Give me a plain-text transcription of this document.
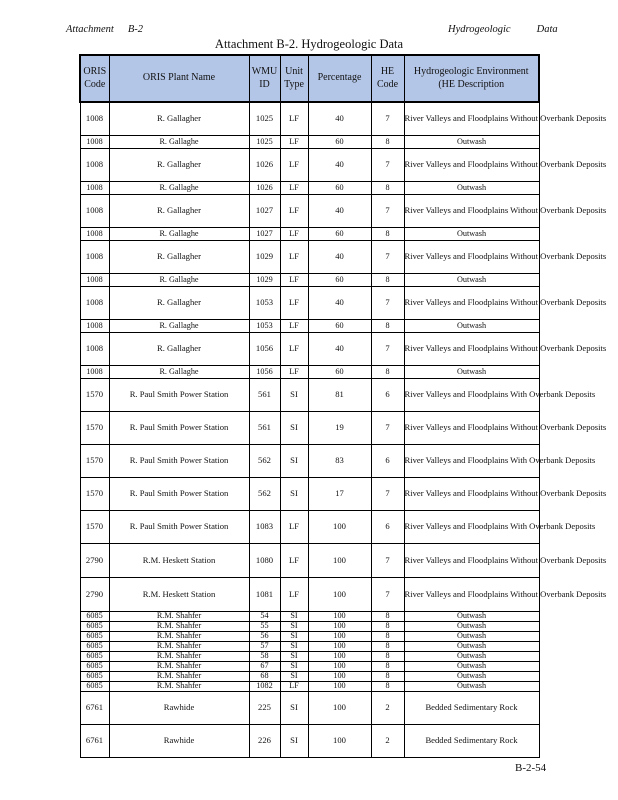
Attachment B-2	Hydrogeologic Data
Attachment B-2. Hydrogeologic Data
ORIS Code	ORIS Plant Name	WMU ID	Unit Type	Percentage	HE Code	Hydrogeologic Environment (HE Description
1008	R. Gallagher	1025	LF	40	7	River Valleys and Floodplains Without Overbank Deposits
1008	R. Gallaghe	1025	LF	60	8	Outwash
1008	R. Gallagher	1026	LF	40	7	River Valleys and Floodplains Without Overbank Deposits
1008	R. Gallaghe	1026	LF	60	8	Outwash
1008	R. Gallagher	1027	LF	40	7	River Valleys and Floodplains Without Overbank Deposits
1008	R. Gallaghe	1027	LF	60	8	Outwash
1008	R. Gallagher	1029	LF	40	7	River Valleys and Floodplains Without Overbank Deposits
1008	R. Gallaghe	1029	LF	60	8	Outwash
1008	R. Gallagher	1053	LF	40	7	River Valleys and Floodplains Without Overbank Deposits
1008	R. Gallaghe	1053	LF	60	8	Outwash
1008	R. Gallagher	1056	LF	40	7	River Valleys and Floodplains Without Overbank Deposits
1008	R. Gallaghe	1056	LF	60	8	Outwash
1570	R. Paul Smith Power Station	561	SI	81	6	River Valleys and Floodplains With Overbank Deposits
1570	R. Paul Smith Power Station	561	SI	19	7	River Valleys and Floodplains Without Overbank Deposits
1570	R. Paul Smith Power Station	562	SI	83	6	River Valleys and Floodplains With Overbank Deposits
1570	R. Paul Smith Power Station	562	SI	17	7	River Valleys and Floodplains Without Overbank Deposits
1570	R. Paul Smith Power Station	1083	LF	100	6	River Valleys and Floodplains With Overbank Deposits
2790	R.M. Heskett Station	1080	LF	100	7	River Valleys and Floodplains Without Overbank Deposits
2790	R.M. Heskett Station	1081	LF	100	7	River Valleys and Floodplains Without Overbank Deposits
6085	R.M. Shahfer	54	SI	100	8	Outwash
6085	R.M. Shahfer	55	SI	100	8	Outwash
6085	R.M. Shahfer	56	SI	100	8	Outwash
6085	R.M. Shahfer	57	SI	100	8	Outwash
6085	R.M. Shahfer	58	SI	100	8	Outwash
6085	R.M. Shahfer	67	SI	100	8	Outwash
6085	R.M. Shahfer	68	SI	100	8	Outwash
6085	R.M. Shahfer	1082	LF	100	8	Outwash
6761	Rawhide	225	SI	100	2	Bedded Sedimentary Rock
6761	Rawhide	226	SI	100	2	Bedded Sedimentary Rock
B-2-54
